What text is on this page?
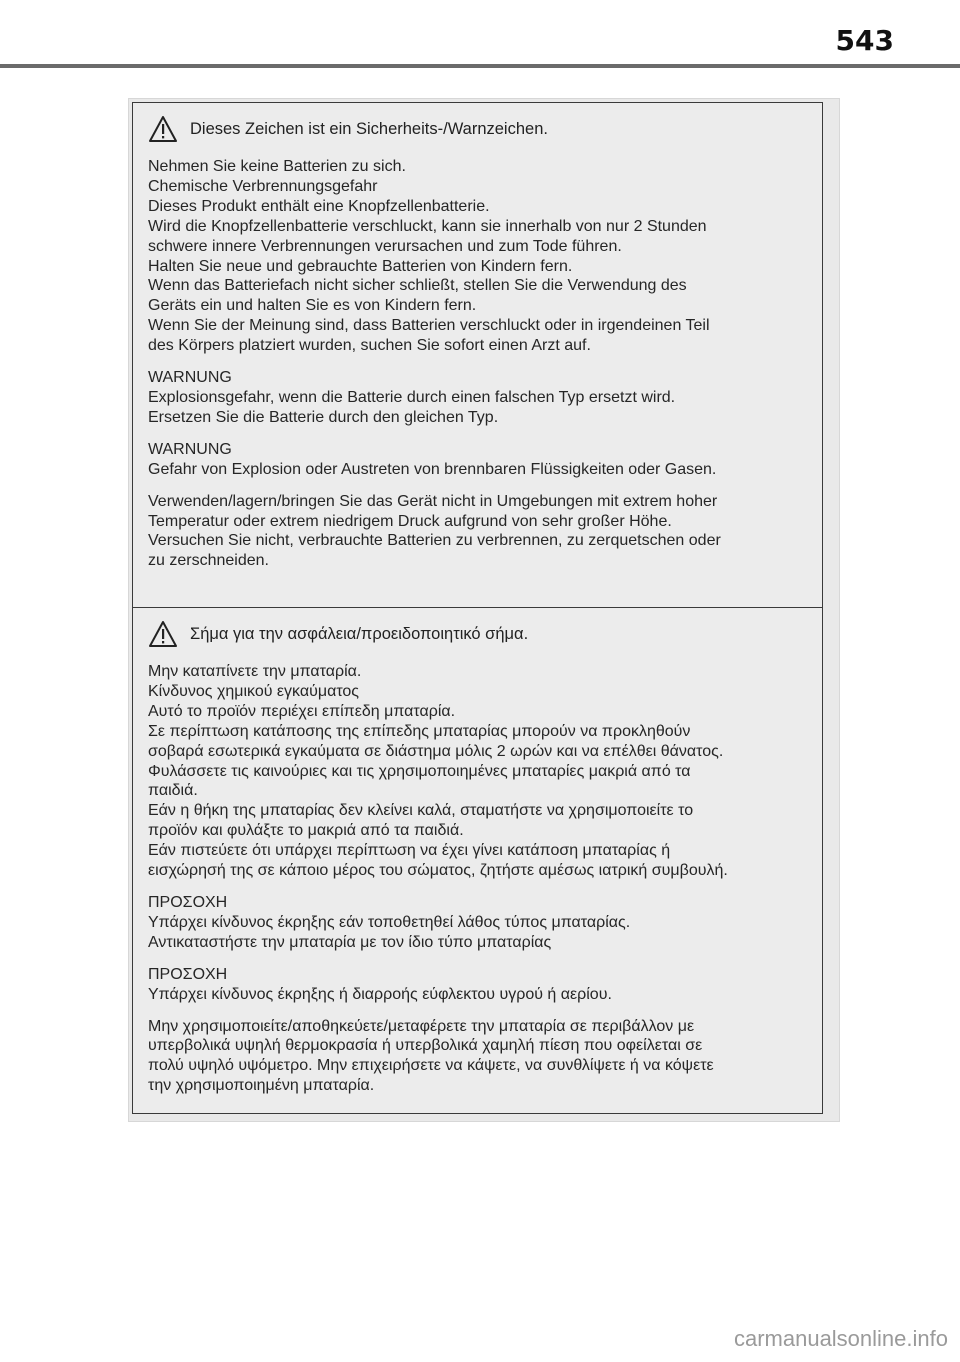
543
Dieses Zeichen ist ein Sicherheits-/Warnzeichen.
Nehmen Sie keine Batterien zu sich.
Chemische Verbrennungsgefahr
Dieses Produkt enthält eine Knopfzellenbatterie.
Wird die Knopfzellenbatterie verschluckt, kann sie innerhalb von nur 2 Stunden
schwere innere Verbrennungen verursachen und zum Tode führen.
Halten Sie neue und gebrauchte Batterien von Kindern fern.
Wenn das Batteriefach nicht sicher schließt, stellen Sie die Verwendung des
Geräts ein und halten Sie es von Kindern fern.
Wenn Sie der Meinung sind, dass Batterien verschluckt oder in irgendeinen Teil
des Körpers platziert wurden, suchen Sie sofort einen Arzt auf.
WARNUNG
Explosionsgefahr, wenn die Batterie durch einen falschen Typ ersetzt wird.
Ersetzen Sie die Batterie durch den gleichen Typ.
WARNUNG
Gefahr von Explosion oder Austreten von brennbaren Flüssigkeiten oder Gasen.
Verwenden/lagern/bringen Sie das Gerät nicht in Umgebungen mit extrem hoher
Temperatur oder extrem niedrigem Druck aufgrund von sehr großer Höhe.
Versuchen Sie nicht, verbrauchte Batterien zu verbrennen, zu zerquetschen oder
zu zerschneiden.
Σήμα για την ασφάλεια/προειδοποιητικό σήμα.
Μην καταπίνετε την μπαταρία.
Κίνδυνος χημικού εγκαύματος
Αυτό το προϊόν περιέχει επίπεδη μπαταρία.
Σε περίπτωση κατάποσης της επίπεδης μπαταρίας μπορούν να προκληθούν
σοβαρά εσωτερικά εγκαύματα σε διάστημα μόλις 2 ωρών και να επέλθει θάνατος.
Φυλάσσετε τις καινούριες και τις χρησιμοποιημένες μπαταρίες μακριά από τα
παιδιά.
Εάν η θήκη της μπαταρίας δεν κλείνει καλά, σταματήστε να χρησιμοποιείτε το
προϊόν και φυλάξτε το μακριά από τα παιδιά.
Εάν πιστεύετε ότι υπάρχει περίπτωση να έχει γίνει κατάποση μπαταρίας ή
εισχώρησή της σε κάποιο μέρος του σώματος, ζητήστε αμέσως ιατρική συμβουλή.
ΠΡΟΣΟΧΗ
Υπάρχει κίνδυνος έκρηξης εάν τοποθετηθεί λάθος τύπος μπαταρίας.
Αντικαταστήστε την μπαταρία με τον ίδιο τύπο μπαταρίας
ΠΡΟΣΟΧΗ
Υπάρχει κίνδυνος έκρηξης ή διαρροής εύφλεκτου υγρού ή αερίου.
Μην χρησιμοποιείτε/αποθηκεύετε/μεταφέρετε την μπαταρία σε περιβάλλον με
υπερβολικά υψηλή θερμοκρασία ή υπερβολικά χαμηλή πίεση που οφείλεται σε
πολύ υψηλό υψόμετρο. Μην επιχειρήσετε να κάψετε, να συνθλίψετε ή να κόψετε
την χρησιμοποιημένη μπαταρία.
carmanualsonline.info
